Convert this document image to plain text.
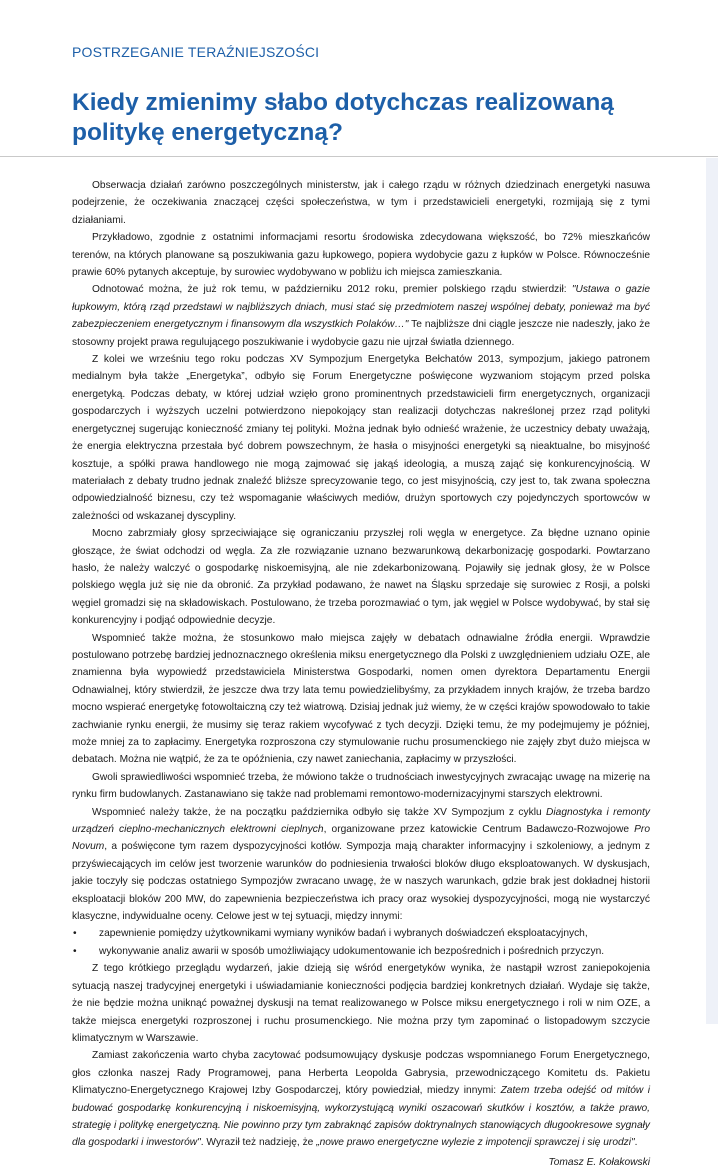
POSTRZEGANIE TERAŹNIEJSZOŚCI
Kiedy zmienimy słabo dotychczas realizowaną politykę energetyczną?

Obserwacja działań zarówno poszczególnych ministerstw, jak i całego rządu w różnych dziedzinach energetyki nasuwa podejrzenie, że oczekiwania znaczącej części społeczeństwa, w tym i przedstawicieli energetyki, rozmijają się z tymi działaniami.

Przykładowo, zgodnie z ostatnimi informacjami resortu środowiska zdecydowana większość, bo 72% mieszkańców terenów, na których planowane są poszukiwania gazu łupkowego, popiera wydobycie gazu z łupków w Polsce. Równocześnie prawie 60% pytanych akceptuje, by surowiec wydobywano w pobliżu ich miejsca zamieszkania.

Odnotować można, że już rok temu, w październiku 2012 roku, premier polskiego rządu stwierdził: "Ustawa o gazie łupkowym, którą rząd przedstawi w najbliższych dniach, musi stać się przedmiotem naszej wspólnej debaty, ponieważ ma być zabezpieczeniem energetycznym i finansowym dla wszystkich Polaków…" Te najbliższe dni ciągle jeszcze nie nadeszły, jako że stosowny projekt prawa regulującego poszukiwanie i wydobycie gazu nie ujrzał światła dziennego.

Z kolei we wrześniu tego roku podczas XV Sympozjum Energetyka Bełchatów 2013, sympozjum, jakiego patronem medialnym była także „Energetyka”, odbyło się Forum Energetyczne poświęcone wyzwaniom stojącym przed polska energetyką. Podczas debaty, w której udział wzięło grono prominentnych przedstawicieli firm energetycznych, organizacji gospodarczych i wyższych uczelni potwierdzono niepokojący stan realizacji dotychczas nakreślonej przez rząd polityki energetycznej sugerując konieczność zmiany tej polityki. Można jednak było odnieść wrażenie, że uczestnicy debaty uważają, że energia elektryczna przestała być dobrem powszechnym, że hasła o misyjności energetyki są nieaktualne, bo misyjność kosztuje, a spółki prawa handlowego nie mogą zajmować się jakąś ideologią, a muszą zająć się konkurencyjnością. W materiałach z debaty trudno jednak znaleźć bliższe sprecyzowanie tego, co jest misyjnością, czy jest to, tak zwana społeczna odpowiedzialność biznesu, czy też wspomaganie właściwych mediów, drużyn sportowych czy pojedynczych sportowców w zależności od wskazanej dyscypliny.

Mocno zabrzmiały głosy sprzeciwiające się ograniczaniu przyszłej roli węgla w energetyce. Za błędne uznano opinie głoszące, że świat odchodzi od węgla. Za złe rozwiązanie uznano bezwarunkową dekarbonizację gospodarki. Powtarzano hasło, że należy walczyć o gospodarkę niskoemisyjną, ale nie zdekarbonizowaną. Pojawiły się jednak głosy, że w Polsce polskiego węgla już się nie da obronić. Za przykład podawano, że nawet na Śląsku sprzedaje się surowiec z Rosji, a polski węgiel gromadzi się na składowiskach. Postulowano, że trzeba porozmawiać o tym, jak węgiel w Polsce wydobywać, by stał się konkurencyjny i podjąć odpowiednie decyzje.

Wspomnieć także można, że stosunkowo mało miejsca zajęły w debatach odnawialne źródła energii. Wprawdzie postulowano potrzebę bardziej jednoznacznego określenia miksu energetycznego dla Polski z uwzględnieniem udziału OZE, ale znamienna była wypowiedź przedstawiciela Ministerstwa Gospodarki, nomen omen dyrektora Departamentu Energii Odnawialnej, który stwierdził, że jeszcze dwa trzy lata temu powiedzielibyśmy, za przykładem innych krajów, że trzeba bardzo mocno wspierać energetykę fotowoltaiczną czy też wiatrową. Dzisiaj jednak już wiemy, że w części krajów spowodowało to takie zachwianie rynku energii, że musimy się teraz rakiem wycofywać z tych decyzji. Dzięki temu, że my podejmujemy je później, może mniej za to zapłacimy. Energetyka rozproszona czy stymulowanie ruchu prosumenckiego nie zajęły zbyt dużo miejsca w debatach. Można nie wątpić, że za te opóźnienia, czy nawet zaniechania, zapłacimy w przyszłości.

Gwoli sprawiedliwości wspomnieć trzeba, że mówiono także o trudnościach inwestycyjnych zwracając uwagę na mizerię na rynku firm budowlanych. Zastanawiano się także nad problemami remontowo-modernizacyjnymi starszych elektrowni.

Wspomnieć należy także, że na początku października odbyło się także XV Sympozjum z cyklu Diagnostyka i remonty urządzeń cieplno-mechanicznych elektrowni cieplnych, organizowane przez katowickie Centrum Badawczo-Rozwojowe Pro Novum, a poświęcone tym razem dyspozycyjności kotłów. Sympozja mają charakter informacyjny i szkoleniowy, a jednym z przyświecających im celów jest tworzenie warunków do podniesienia trwałości bloków długo eksploatowanych. W dyskusjach, jakie toczyły się podczas ostatniego Sympozjów zwracano uwagę, że w naszych warunkach, gdzie brak jest dokładnej historii eksploatacji bloków 200 MW, do zapewnienia bezpieczeństwa ich pracy oraz wysokiej dyspozycyjności, mogą nie wystarczyć klasyczne, indywidualne oceny. Celowe jest w tej sytuacji, między innymi:

• zapewnienie pomiędzy użytkownikami wymiany wyników badań i wybranych doświadczeń eksploatacyjnych,
• wykonywanie analiz awarii w sposób umożliwiający udokumentowanie ich bezpośrednich i pośrednich przyczyn.

Z tego krótkiego przeglądu wydarzeń, jakie dzieją się wśród energetyków wynika, że nastąpił wzrost zaniepokojenia sytuacją naszej tradycyjnej energetyki i uświadamianie konieczności podjęcia bardziej konkretnych działań. Wydaje się także, że nie będzie można uniknąć poważnej dyskusji na temat realizowanego w Polsce miksu energetycznego i roli w nim OZE, a także miejsca energetyki rozproszonej i ruchu prosumenckiego. Nie można przy tym zapominać o listopadowym szczycie klimatycznym w Warszawie.

Zamiast zakończenia warto chyba zacytować podsumowujący dyskusje podczas wspomnianego Forum Energetycznego, głos członka naszej Rady Programowej, pana Herberta Leopolda Gabrysia, przewodniczącego Komitetu ds. Pakietu Klimatyczno-Energetycznego Krajowej Izby Gospodarczej, który powiedział, miedzy innymi: Zatem trzeba odejść od mitów i budować gospodarkę konkurencyjną i niskoemisyjną, wykorzystującą wyniki oszacowań skutków i kosztów, a także prawo, strategię i politykę energetyczną. Nie powinno przy tym zabraknąć zapisów doktrynalnych stanowiących długookresowe sygnały dla gospodarki i inwestorów". Wyraził też nadzieję, że „nowe prawo energetyczne wylezie z impotencji sprawczej i się urodzi".

Tomasz E. Kołakowski
